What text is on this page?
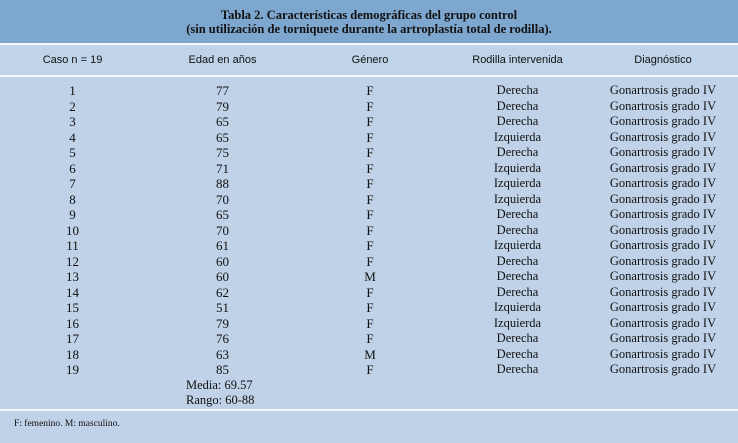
Tabla 2. Características demográficas del grupo control
(sin utilización de torniquete durante la artroplastía total de rodilla).
Caso n = 19	Edad en años	Género	Rodilla intervenida	Diagnóstico
1	77	F	Derecha	Gonartrosis grado IV
2	79	F	Derecha	Gonartrosis grado IV
3	65	F	Derecha	Gonartrosis grado IV
4	65	F	Izquierda	Gonartrosis grado IV
5	75	F	Derecha	Gonartrosis grado IV
6	71	F	Izquierda	Gonartrosis grado IV
7	88	F	Izquierda	Gonartrosis grado IV
8	70	F	Izquierda	Gonartrosis grado IV
9	65	F	Derecha	Gonartrosis grado IV
10	70	F	Derecha	Gonartrosis grado IV
11	61	F	Izquierda	Gonartrosis grado IV
12	60	F	Derecha	Gonartrosis grado IV
13	60	M	Derecha	Gonartrosis grado IV
14	62	F	Derecha	Gonartrosis grado IV
15	51	F	Izquierda	Gonartrosis grado IV
16	79	F	Izquierda	Gonartrosis grado IV
17	76	F	Derecha	Gonartrosis grado IV
18	63	M	Derecha	Gonartrosis grado IV
19	85	F	Derecha	Gonartrosis grado IV
Media: 69.57
Rango: 60-88
F: femenino. M: masculino.
